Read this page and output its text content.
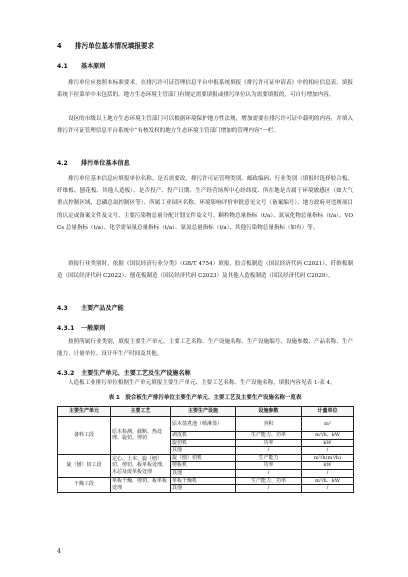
4 排污单位基本情况填报要求
4.1 基本原则

排污单位应按照本标准要求，在排污许可证管理信息平台申报系统填报《排污许可证申请表》中的相应信息表。填报系统下拉菜单中未包括的、地方生态环境主管部门有规定需要填报或排污单位认为需要填报的，可自行增加内容。

设区的市级以上地方生态环境主管部门可以根据环境保护地方性法规，增加需要在排污许可证中载明的内容，并填入排污许可证管理信息平台系统中“有核发权的地方生态环境主管部门增加的管理内容”一栏。

4.2 排污单位基本信息

排污单位基本信息应填报单位名称、是否需要改、排污许可证管理类别、邮政编码、行业类别（填报时选择胶合板、纤维板、刨花板、其他人造板）、是否投产、投产日期、生产经营场所中心经纬度、所在地是否属于环境敏感区（如大气重点控制区域、总磷总氮控制区等）、所属工业园区名称、环境影响评价审批意见文号（备案编号）、地方政府对违规项目的认定或备案文件及文号、主要污染物总量分配计划文件及文号、颗粒物总量指标（t/a）、氮氧化物总量指标（t/a）、VOCs 总量指标（t/a）、化学需氧量总量指标（t/a）、氨氮总量指标（t/a）、其他污染物总量指标（如有）等。

填报行业类别时，依据《国民经济行业分类》（GB/T 4754）填报，胶合板制造（国民经济代码 C2021）、纤维板制造（国民经济代码 C2022）、刨花板制造（国民经济代码 C2023）及其他人造板制造（国民经济代码 C2029）。

4.3 主要产品及产能
4.3.1 一般原则

按照所属行业类别，填报主要生产单元、主要工艺名称、生产设施名称、生产设施编号、设施参数、产品名称、生产能力、计量单位、设计年生产时间及其他。

4.3.2 主要生产单元、主要工艺及生产设施名称

人造板工业排污单位根据生产单元填报主要生产单元、主要工艺名称、生产设施名称，填报内容见表 1-表 4。

表 1　胶合板生产排污单位主要生产单元、主要工艺及主要生产设施名称一览表
主要生产单元	主要工艺	主要生产设施	设施参数	计量单位
备料工段	原木检测、截断、热处理、旋切、剪切	原木蒸煮池（喷淋蒸）	容积	m³
		剥皮机	生产能力、功率	m³/h、kW
		旋切机	功率	kW
		其他	/	/
旋（刨）切工段	定心、上木、旋（刨）切、剪切、板单板处理、木芯及废单板处理	旋（刨）切机	生产能力	m³/h(m²/h)
		剪板机	功率	kW
		其他	/	/
干燥工段	单板干燥、剪切、板单板处理	单板干燥机	生产能力、功率	m³/h、kW
		其他	/	/
4
